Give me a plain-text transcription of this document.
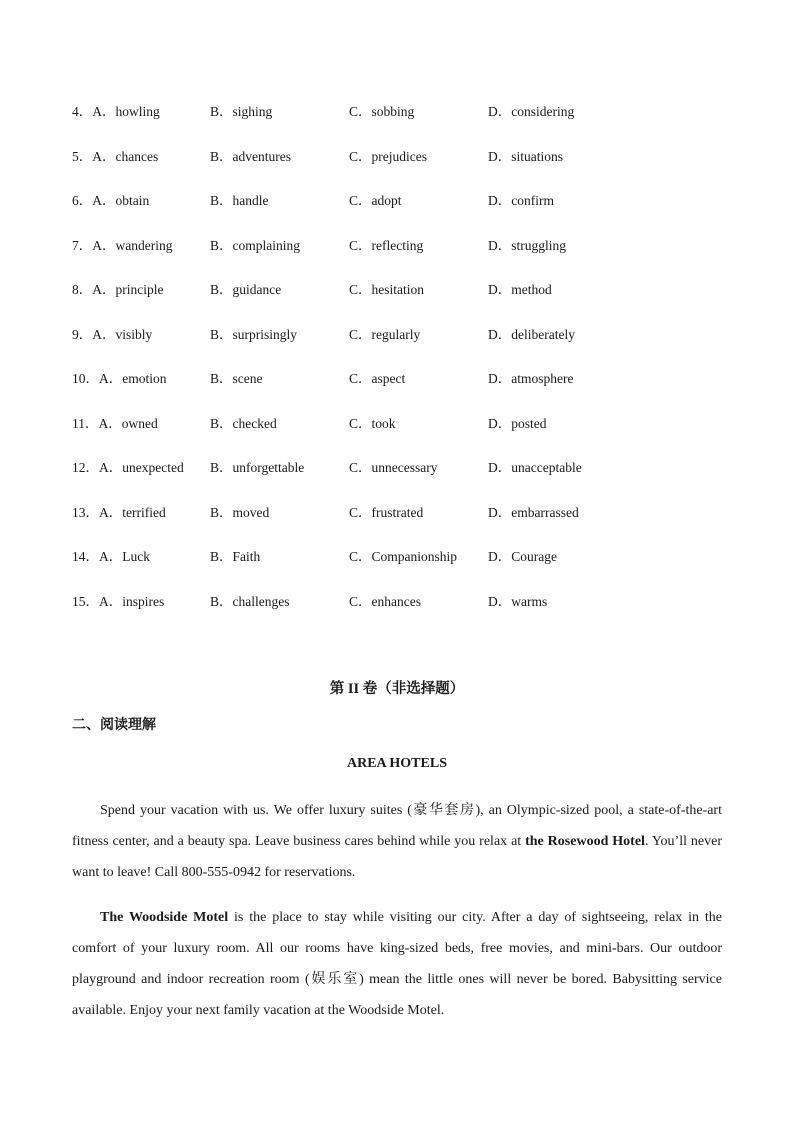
4．A．howling	B．sighing	C．sobbing	D．considering
5．A．chances	B．adventures	C．prejudices	D．situations
6．A．obtain	B．handle	C．adopt	D．confirm
7．A．wandering	B．complaining	C．reflecting	D．struggling
8．A．principle	B．guidance	C．hesitation	D．method
9．A．visibly	B．surprisingly	C．regularly	D．deliberately
10．A．emotion	B．scene	C．aspect	D．atmosphere
11．A．owned	B．checked	C．took	D．posted
12．A．unexpected	B．unforgettable	C．unnecessary	D．unacceptable
13．A．terrified	B．moved	C．frustrated	D．embarrassed
14．A．Luck	B．Faith	C．Companionship	D．Courage
15．A．inspires	B．challenges	C．enhances	D．warms
第 II 卷（非选择题）
二、阅读理解
AREA HOTELS
Spend your vacation with us. We offer luxury suites (豪华套房), an Olympic-sized pool, a state-of-the-art fitness center, and a beauty spa. Leave business cares behind while you relax at the Rosewood Hotel. You’ll never want to leave! Call 800-555-0942 for reservations.
The Woodside Motel is the place to stay while visiting our city. After a day of sightseeing, relax in the comfort of your luxury room. All our rooms have king-sized beds, free movies, and mini-bars. Our outdoor playground and indoor recreation room (娱乐室) mean the little ones will never be bored. Babysitting service available. Enjoy your next family vacation at the Woodside Motel.
